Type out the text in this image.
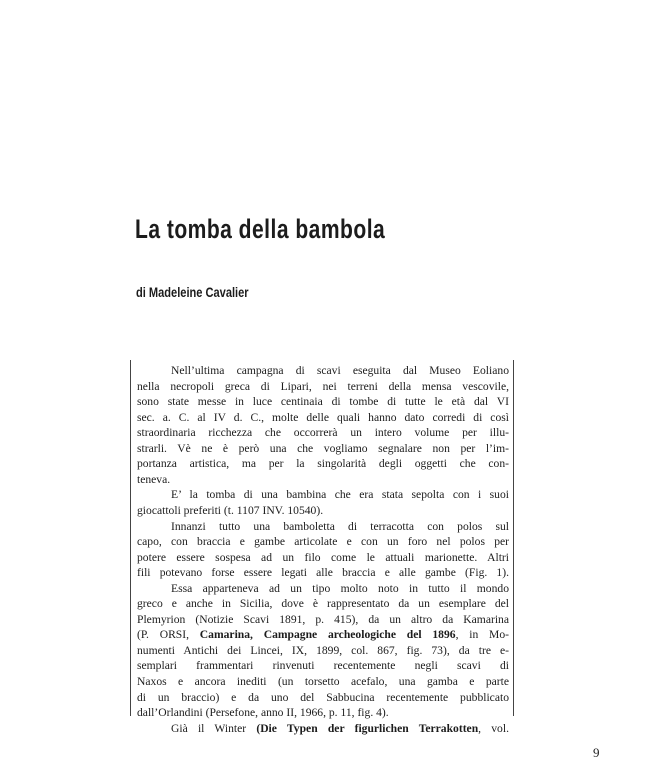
La tomba della bambola
di Madeleine Cavalier
Nell’ultima campagna di scavi eseguita dal Museo Eoliano
nella necropoli greca di Lipari, nei terreni della mensa vescovile,
sono state messe in luce centinaia di tombe di tutte le età dal VI
sec. a. C. al IV d. C., molte delle quali hanno dato corredi di così
straordinaria ricchezza che occorrerà un intero volume per illu-
strarli. Vè ne è però una che vogliamo segnalare non per l’im-
portanza artistica, ma per la singolarità degli oggetti che con-
teneva.
E’ la tomba di una bambina che era stata sepolta con i suoi
giocattoli preferiti (t. 1107 INV. 10540).
Innanzi tutto una bamboletta di terracotta con polos sul
capo, con braccia e gambe articolate e con un foro nel polos per
potere essere sospesa ad un filo come le attuali marionette. Altri
fili potevano forse essere legati alle braccia e alle gambe (Fig. 1).
Essa apparteneva ad un tipo molto noto in tutto il mondo
greco e anche in Sicilia, dove è rappresentato da un esemplare del
Plemyrion (Notizie Scavi 1891, p. 415), da un altro da Kamarina
(P. ORSI, Camarina, Campagne archeologiche del 1896, in Mo-
numenti Antichi dei Lincei, IX, 1899, col. 867, fig. 73), da tre e-
semplari frammentari rinvenuti recentemente negli scavi di
Naxos e ancora inediti (un torsetto acefalo, una gamba e parte
di un braccio) e da uno del Sabbucina recentemente pubblicato
dall’Orlandini (Persefone, anno II, 1966, p. 11, fig. 4).
Già il Winter (Die Typen der figurlichen Terrakotten, vol.
9
